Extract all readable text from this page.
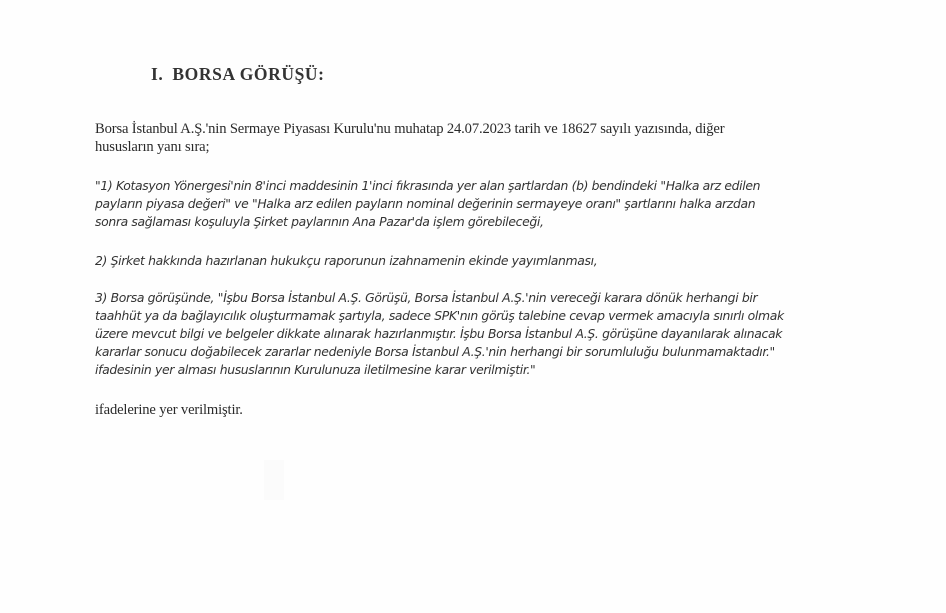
I. BORSA GÖRÜŞÜ:
Borsa İstanbul A.Ş.'nin Sermaye Piyasası Kurulu'nu muhatap 24.07.2023 tarih ve 18627 sayılı yazısında, diğer
hususların yanı sıra;
"1) Kotasyon Yönergesi'nin 8'inci maddesinin 1'inci fıkrasında yer alan şartlardan (b) bendindeki "Halka arz edilen
payların piyasa değeri" ve "Halka arz edilen payların nominal değerinin sermayeye oranı" şartlarını halka arzdan
sonra sağlaması koşuluyla Şirket paylarının Ana Pazar'da işlem görebileceği,
2) Şirket hakkında hazırlanan hukukçu raporunun izahnamenin ekinde yayımlanması,
3) Borsa görüşünde, "İşbu Borsa İstanbul A.Ş. Görüşü, Borsa İstanbul A.Ş.'nin vereceği karara dönük herhangi bir
taahhüt ya da bağlayıcılık oluşturmamak şartıyla, sadece SPK'nın görüş talebine cevap vermek amacıyla sınırlı olmak
üzere mevcut bilgi ve belgeler dikkate alınarak hazırlanmıştır. İşbu Borsa İstanbul A.Ş. görüşüne dayanılarak alınacak
kararlar sonucu doğabilecek zararlar nedeniyle Borsa İstanbul A.Ş.'nin herhangi bir sorumluluğu bulunmamaktadır."
ifadesinin yer alması hususlarının Kurulunuza iletilmesine karar verilmiştir."
ifadelerine yer verilmiştir.
